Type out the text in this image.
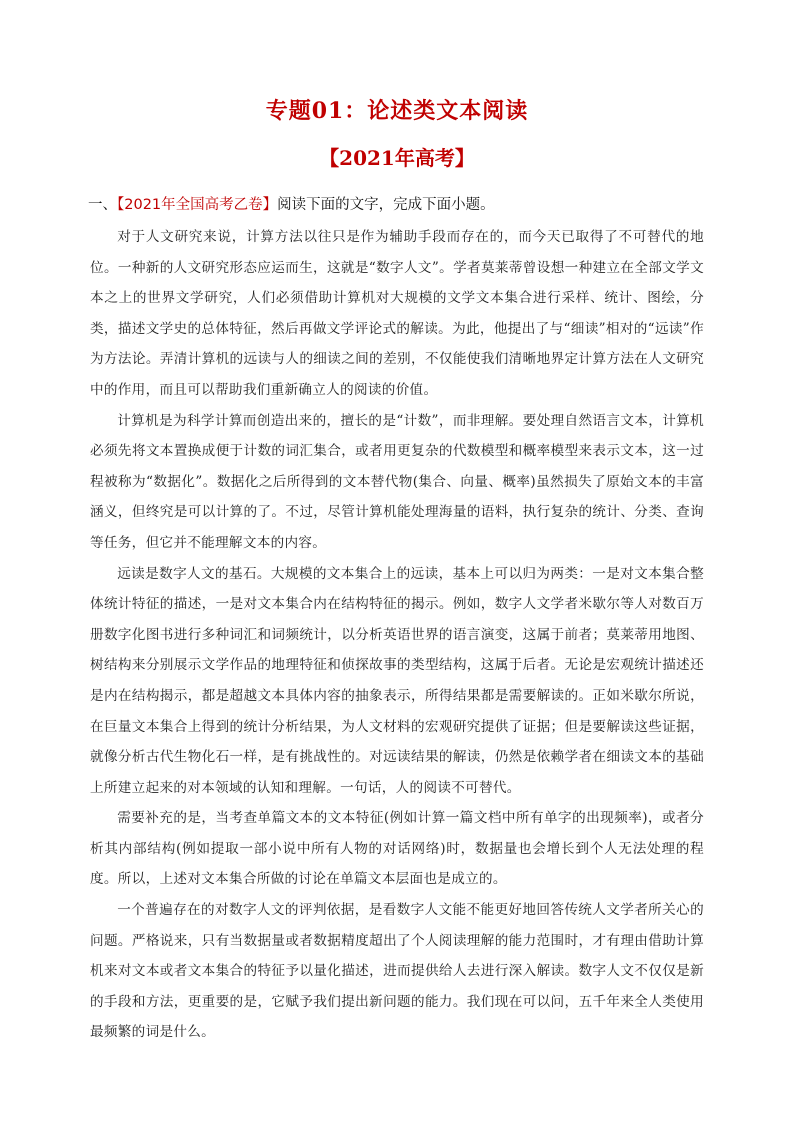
专题01：论述类文本阅读
【2021年高考】
一、【2021年全国高考乙卷】阅读下面的文字，完成下面小题。

对于人文研究来说，计算方法以往只是作为辅助手段而存在的，而今天已取得了不可替代的地位。一种新的人文研究形态应运而生，这就是“数字人文”。学者莫莱蒂曾设想一种建立在全部文学文本之上的世界文学研究，人们必须借助计算机对大规模的文学文本集合进行采样、统计、图绘，分类，描述文学史的总体特征，然后再做文学评论式的解读。为此，他提出了与“细读”相对的“远读”作为方法论。弄清计算机的远读与人的细读之间的差别，不仅能使我们清晰地界定计算方法在人文研究中的作用，而且可以帮助我们重新确立人的阅读的价值。

计算机是为科学计算而创造出来的，擅长的是“计数”，而非理解。要处理自然语言文本，计算机必须先将文本置换成便于计数的词汇集合，或者用更复杂的代数模型和概率模型来表示文本，这一过程被称为“数据化”。数据化之后所得到的文本替代物(集合、向量、概率)虽然损失了原始文本的丰富涵义，但终究是可以计算的了。不过，尽管计算机能处理海量的语料，执行复杂的统计、分类、查询等任务，但它并不能理解文本的内容。

远读是数字人文的基石。大规模的文本集合上的远读，基本上可以归为两类：一是对文本集合整体统计特征的描述，一是对文本集合内在结构特征的揭示。例如，数字人文学者米歇尔等人对数百万册数字化图书进行多种词汇和词频统计，以分析英语世界的语言演变，这属于前者；莫莱蒂用地图、树结构来分别展示文学作品的地理特征和侦探故事的类型结构，这属于后者。无论是宏观统计描述还是内在结构揭示，都是超越文本具体内容的抽象表示，所得结果都是需要解读的。正如米歇尔所说，在巨量文本集合上得到的统计分析结果，为人文材料的宏观研究提供了证据；但是要解读这些证据，就像分析古代生物化石一样，是有挑战性的。对远读结果的解读，仍然是依赖学者在细读文本的基础上所建立起来的对本领域的认知和理解。一句话，人的阅读不可替代。

需要补充的是，当考查单篇文本的文本特征(例如计算一篇文档中所有单字的出现频率)，或者分析其内部结构(例如提取一部小说中所有人物的对话网络)时，数据量也会增长到个人无法处理的程度。所以，上述对文本集合所做的讨论在单篇文本层面也是成立的。

一个普遍存在的对数字人文的评判依据，是看数字人文能不能更好地回答传统人文学者所关心的问题。严格说来，只有当数据量或者数据精度超出了个人阅读理解的能力范围时，才有理由借助计算机来对文本或者文本集合的特征予以量化描述，进而提供给人去进行深入解读。数字人文不仅仅是新的手段和方法，更重要的是，它赋予我们提出新问题的能力。我们现在可以问，五千年来全人类使用最频繁的词是什么。
